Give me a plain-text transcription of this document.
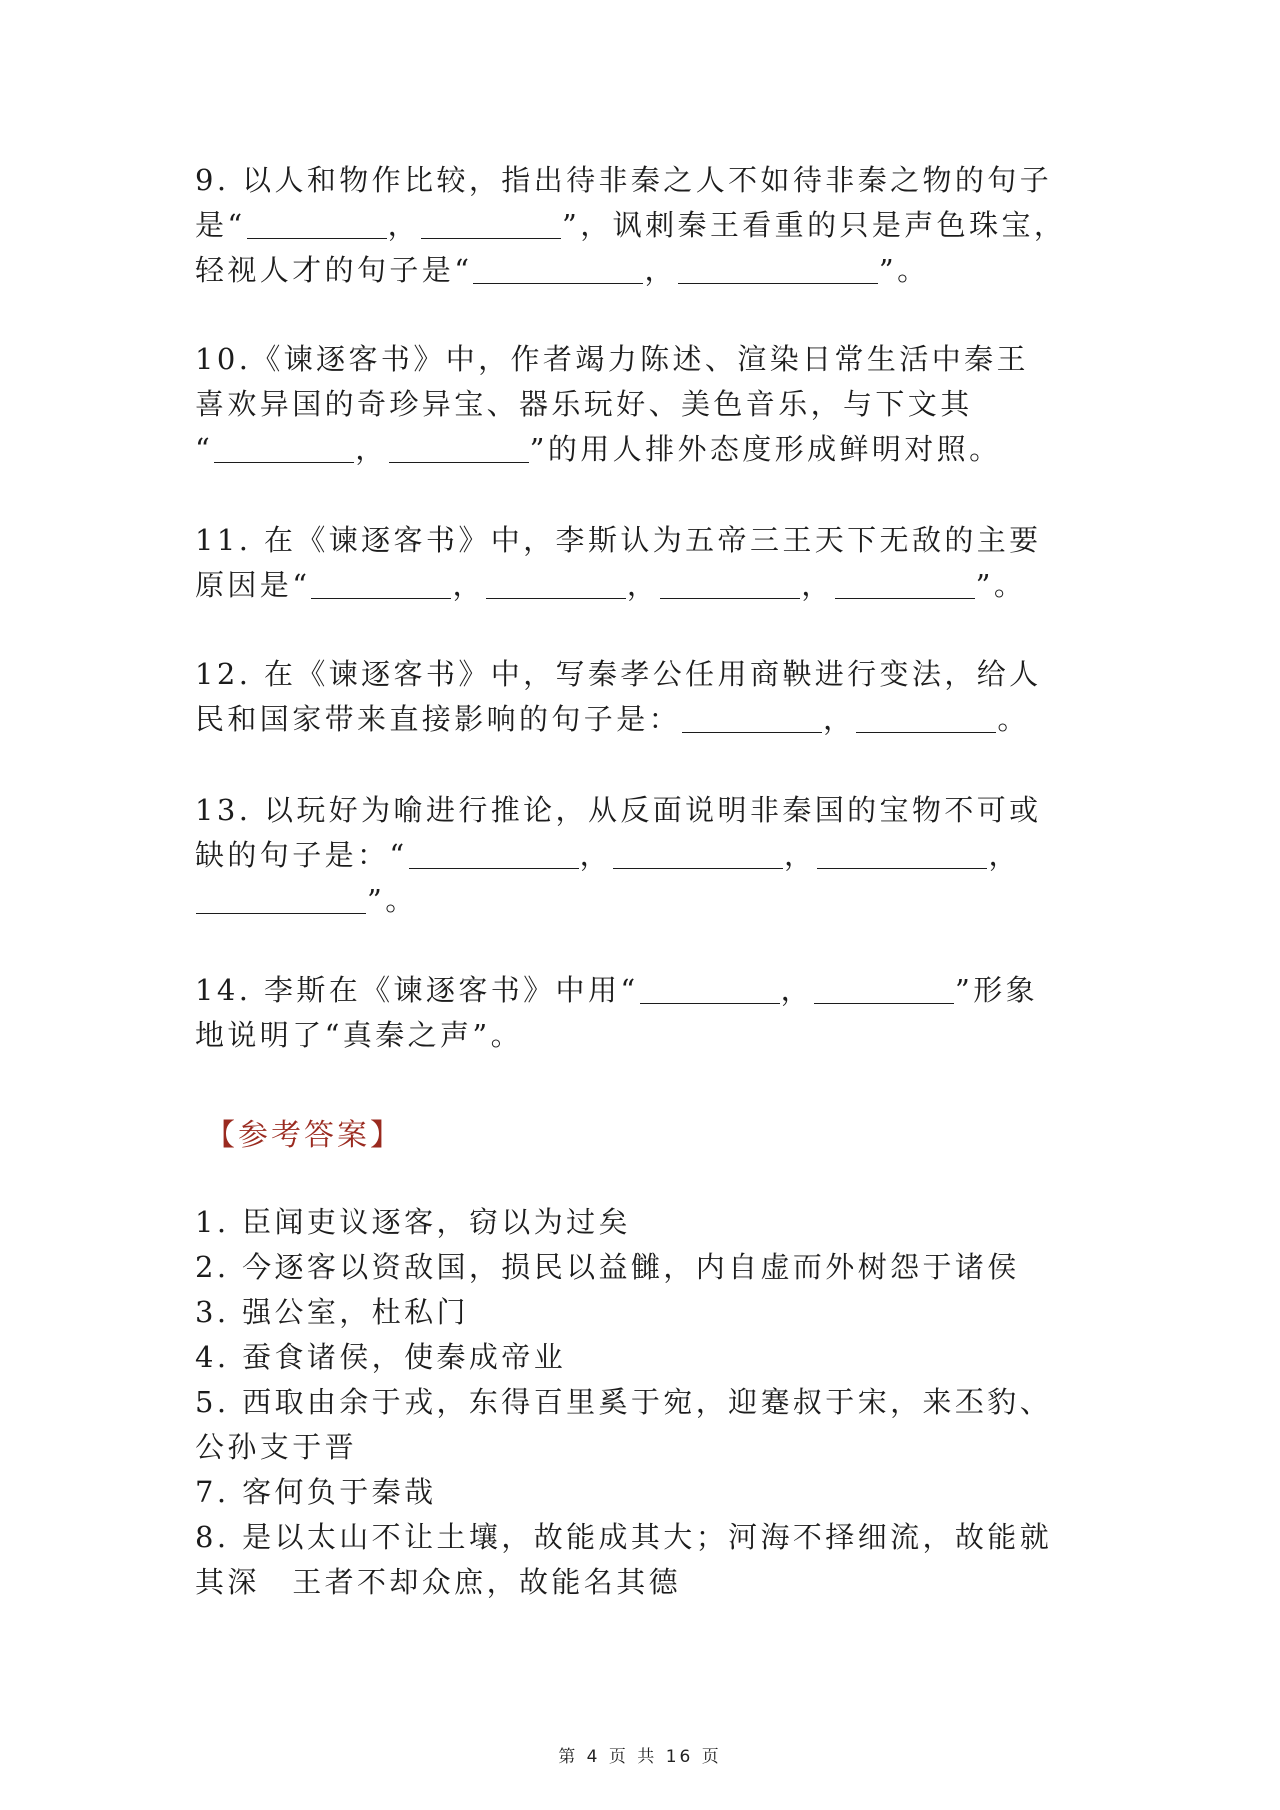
9. 以人和物作比较，指出待非秦之人不如待非秦之物的句子
是“	，	”，讽刺秦王看重的只是声色珠宝，
轻视人才的句子是“	，	”。
10.《谏逐客书》中，作者竭力陈述、渲染日常生活中秦王
喜欢异国的奇珍异宝、器乐玩好、美色音乐，与下文其
“	，	”的用人排外态度形成鲜明对照。
11. 在《谏逐客书》中，李斯认为五帝三王天下无敌的主要
原因是“	，	，	，	”。
12. 在《谏逐客书》中，写秦孝公任用商鞅进行变法，给人
民和国家带来直接影响的句子是：	，	。
13. 以玩好为喻进行推论，从反面说明非秦国的宝物不可或
缺的句子是：“	，	，	，
”。
14. 李斯在《谏逐客书》中用“	，	”形象
地说明了“真秦之声”。
【参考答案】
1. 臣闻吏议逐客，窃以为过矣
2. 今逐客以资敌国，损民以益雠，内自虚而外树怨于诸侯
3. 强公室，杜私门
4. 蚕食诸侯，使秦成帝业
5. 西取由余于戎，东得百里奚于宛，迎蹇叔于宋，来丕豹、
公孙支于晋
7. 客何负于秦哉
8. 是以太山不让土壤，故能成其大；河海不择细流，故能就
其深　王者不却众庶，故能名其德
第 4 页 共 16 页
